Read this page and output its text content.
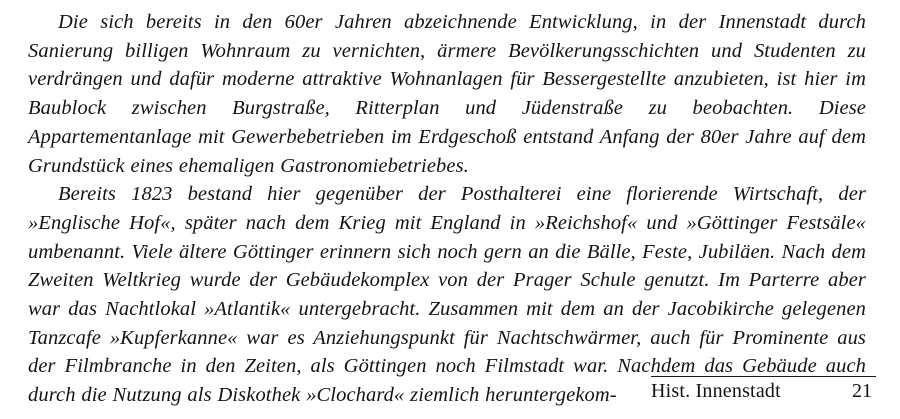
Die sich bereits in den 60er Jahren abzeichnende Entwicklung, in der Innenstadt durch Sanierung billigen Wohnraum zu vernichten, ärmere Bevölkerungsschichten und Studenten zu verdrängen und dafür moderne attraktive Wohnanlagen für Bessergestellte anzubieten, ist hier im Baublock zwischen Burgstraße, Ritterplan und Jüdenstraße zu beobachten. Diese Appartementanlage mit Gewerbebetrieben im Erdgeschoß entstand Anfang der 80er Jahre auf dem Grundstück eines ehemaligen Gastronomiebetriebes.

Bereits 1823 bestand hier gegenüber der Posthalterei eine florierende Wirtschaft, der »Englische Hof«, später nach dem Krieg mit England in »Reichshof« und »Göttinger Festsäle« umbenannt. Viele ältere Göttinger erinnern sich noch gern an die Bälle, Feste, Jubiläen. Nach dem Zweiten Weltkrieg wurde der Gebäudekomplex von der Prager Schule genutzt. Im Parterre aber war das Nachtlokal »Atlantik« untergebracht. Zusammen mit dem an der Jacobikirche gelegenen Tanzcafe »Kupferkanne« war es Anziehungspunkt für Nachtschwärmer, auch für Prominente aus der Filmbranche in den Zeiten, als Göttingen noch Filmstadt war. Nachdem das Gebäude auch durch die Nutzung als Diskothek »Clochard« ziemlich heruntergekom-	Hist. Innenstadt	21
